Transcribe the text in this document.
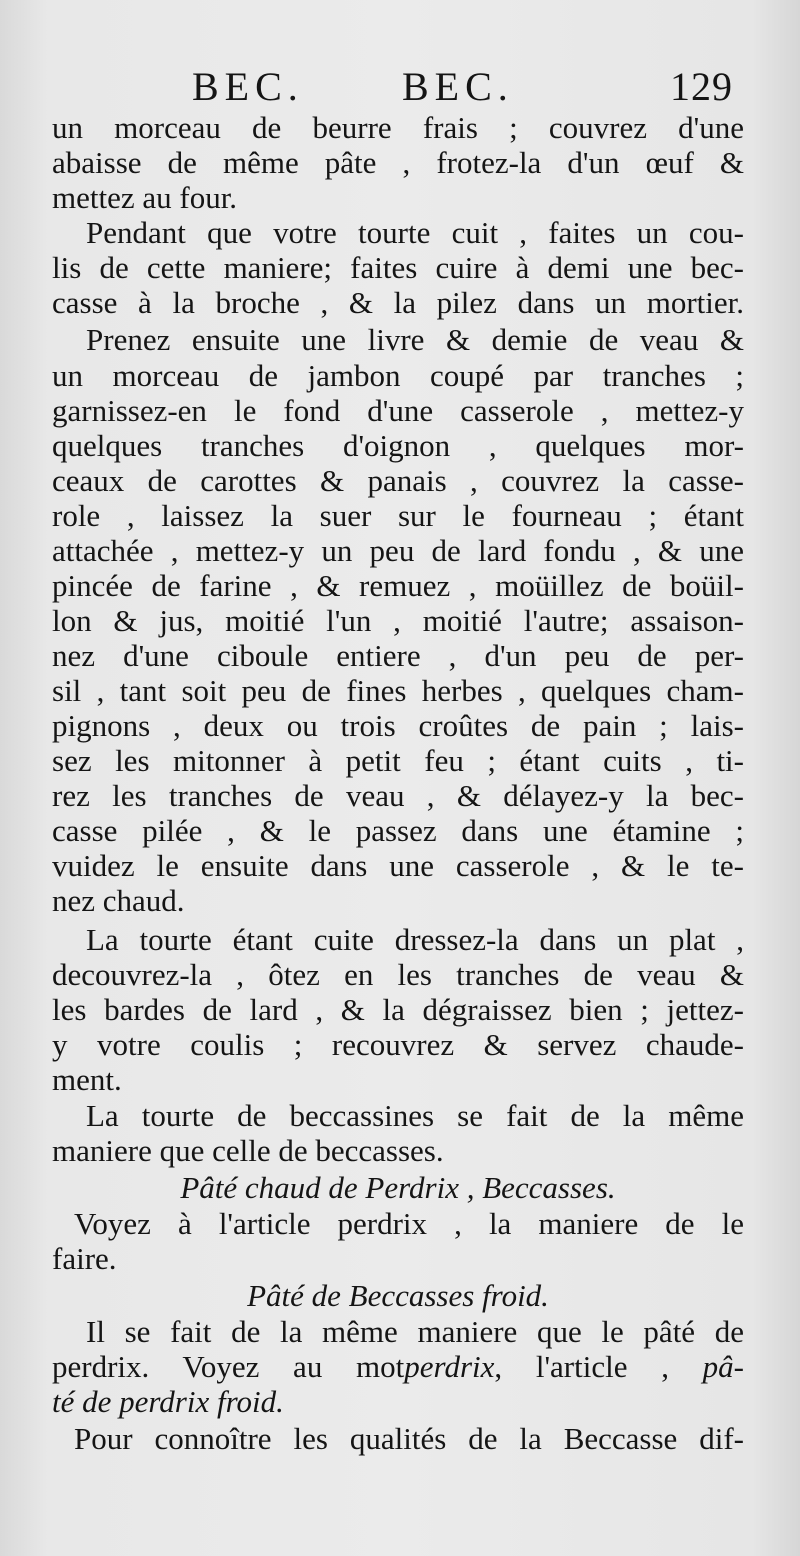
BEC. BEC.	129
un morceau de beurre frais ; couvrez d'une
abaisse de même pâte , frotez-la d'un œuf &
mettez au four.
Pendant que votre tourte cuit , faites un cou-
lis de cette maniere; faites cuire à demi une bec-
casse à la broche , & la pilez dans un mortier.
Prenez ensuite une livre & demie de veau &
un morceau de jambon coupé par tranches ;
garnissez-en le fond d'une casserole , mettez-y
quelques tranches d'oignon , quelques mor-
ceaux de carottes & panais , couvrez la casse-
role , laissez la suer sur le fourneau ; étant
attachée , mettez-y un peu de lard fondu , & une
pincée de farine , & remuez , moüillez de boüil-
lon & jus, moitié l'un , moitié l'autre; assaison-
nez d'une ciboule entiere , d'un peu de per-
sil , tant soit peu de fines herbes , quelques cham-
pignons , deux ou trois croûtes de pain ; lais-
sez les mitonner à petit feu ; étant cuits , ti-
rez les tranches de veau , & délayez-y la bec-
casse pilée , & le passez dans une étamine ;
vuidez le ensuite dans une casserole , & le te-
nez chaud.
La tourte étant cuite dressez-la dans un plat ,
decouvrez-la , ôtez en les tranches de veau &
les bardes de lard , & la dégraissez bien ; jettez-
y votre coulis ; recouvrez & servez chaude-
ment.
La tourte de beccassines se fait de la même
maniere que celle de beccasses.
Pâté chaud de Perdrix , Beccasses.
Voyez à l'article perdrix , la maniere de le
faire.
Pâté de Beccasses froid.
Il se fait de la même maniere que le pâté de
perdrix. Voyez au motperdrix, l'article , pâ-
té de perdrix froid.
Pour connoître les qualités de la Beccasse dif-
